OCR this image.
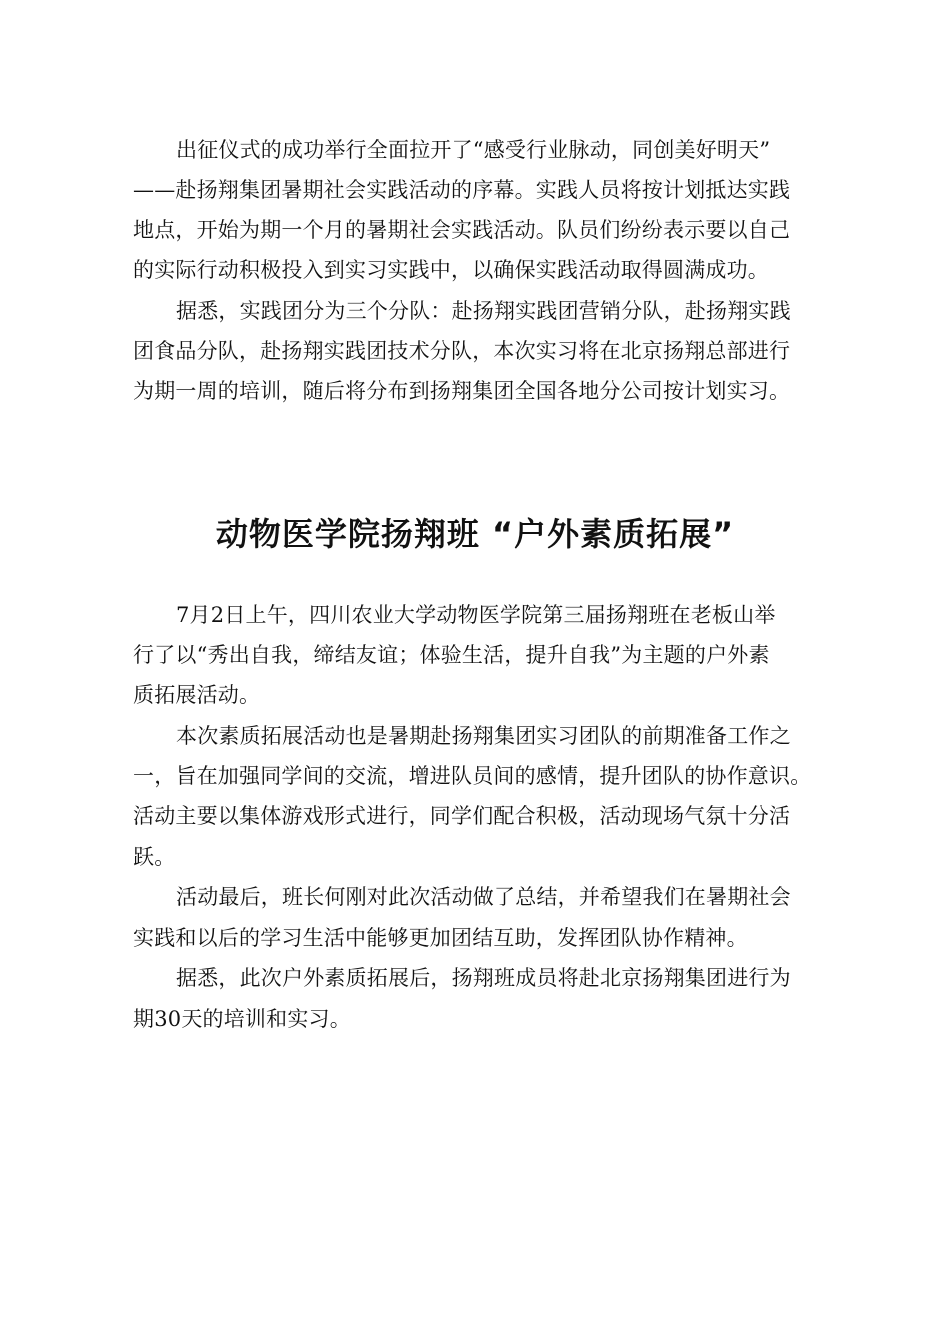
出征仪式的成功举行全面拉开了“感受行业脉动，同创美好明天”
——赴扬翔集团暑期社会实践活动的序幕。实践人员将按计划抵达实践
地点，开始为期一个月的暑期社会实践活动。队员们纷纷表示要以自己
的实际行动积极投入到实习实践中，以确保实践活动取得圆满成功。
据悉，实践团分为三个分队：赴扬翔实践团营销分队，赴扬翔实践
团食品分队，赴扬翔实践团技术分队，本次实习将在北京扬翔总部进行
为期一周的培训，随后将分布到扬翔集团全国各地分公司按计划实习。
动物医学院扬翔班 “户外素质拓展”
7月2日上午，四川农业大学动物医学院第三届扬翔班在老板山举
行了以“秀出自我，缔结友谊；体验生活，提升自我”为主题的户外素
质拓展活动。
本次素质拓展活动也是暑期赴扬翔集团实习团队的前期准备工作之
一，旨在加强同学间的交流，增进队员间的感情，提升团队的协作意识。
活动主要以集体游戏形式进行，同学们配合积极，活动现场气氛十分活
跃。
活动最后，班长何刚对此次活动做了总结，并希望我们在暑期社会
实践和以后的学习生活中能够更加团结互助，发挥团队协作精神。
据悉，此次户外素质拓展后，扬翔班成员将赴北京扬翔集团进行为
期30天的培训和实习。
